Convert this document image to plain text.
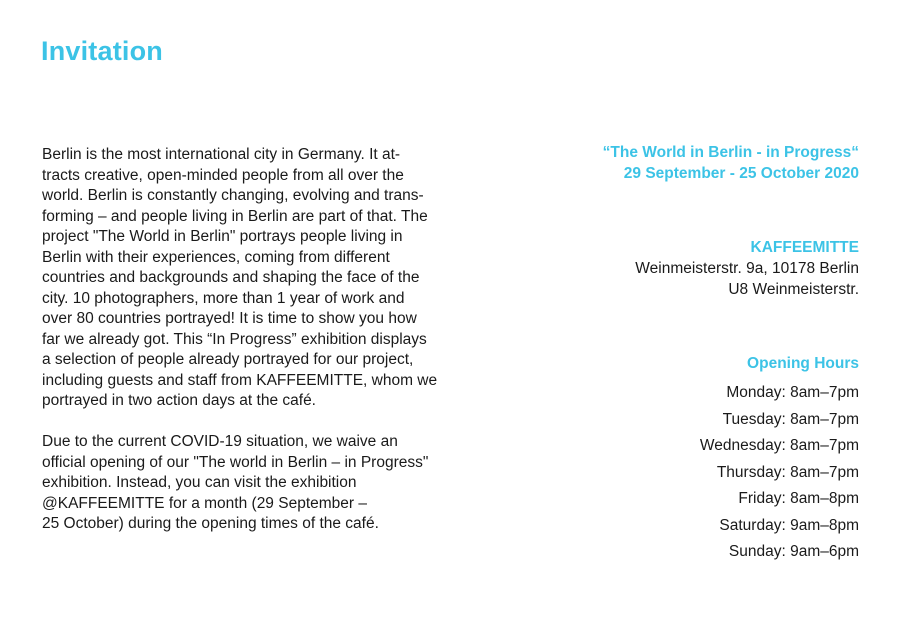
Invitation

Berlin is the most international city in Germany. It at-
tracts creative, open-minded people from all over the
world. Berlin is constantly changing, evolving and trans-
forming – and people living in Berlin are part of that. The
project "The World in Berlin" portrays people living in
Berlin with their experiences, coming from different
countries and backgrounds and shaping the face of the
city. 10 photographers, more than 1 year of work and
over 80 countries portrayed! It is time to show you how
far we already got. This “In Progress” exhibition displays
a selection of people already portrayed for our project,
including guests and staff from KAFFEEMITTE, whom we
portrayed in two action days at the café.

Due to the current COVID-19 situation, we waive an
official opening of our "The world in Berlin – in Progress"
exhibition. Instead, you can visit the exhibition
@KAFFEEMITTE for a month (29 September –
25 October) during the opening times of the café.

“The World in Berlin - in Progress“
29 September - 25 October 2020
KAFFEEMITTE
Weinmeisterstr. 9a, 10178 Berlin
U8 Weinmeisterstr.
Opening Hours
Monday: 8am–7pm
Tuesday: 8am–7pm
Wednesday: 8am–7pm
Thursday: 8am–7pm
Friday: 8am–8pm
Saturday: 9am–8pm
Sunday: 9am–6pm
